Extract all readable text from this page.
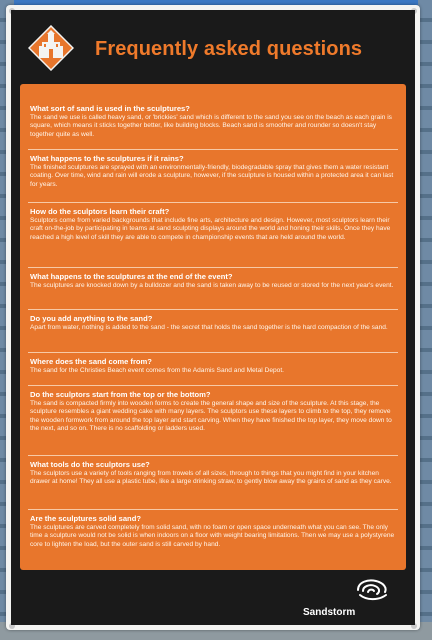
Frequently asked questions
What sort of sand is used in the sculptures?
The sand we use is called heavy sand, or 'brickies' sand which is different to the sand you see on the beach as each grain is square, which means it sticks together better, like building blocks. Beach sand is smoother and rounder so doesn't stay together quite as well.
What happens to the sculptures if it rains?
The finished sculptures are sprayed with an environmentally-friendly, biodegradable spray that gives them a water resistant coating. Over time, wind and rain will erode a sculpture, however, if the sculpture is housed within a protected area it can last for years.
How do the sculptors learn their craft?
Sculptors come from varied backgrounds that include fine arts, architecture and design. However, most sculptors learn their craft on-the-job by participating in teams at sand sculpting displays around the world and honing their skills. Once they have reached a high level of skill they are able to compete in championship events that are held around the world.
What happens to the sculptures at the end of the event?
The sculptures are knocked down by a bulldozer and the sand is taken away to be reused or stored for the next year's event.
Do you add anything to the sand?
Apart from water, nothing is added to the sand - the secret that holds the sand together is the hard compaction of the sand.
Where does the sand come from?
The sand for the Christies Beach event comes from the Adamis Sand and Metal Depot.
Do the sculptors start from the top or the bottom?
The sand is compacted firmly into wooden forms to create the general shape and size of the sculpture. At this stage, the sculpture resembles a giant wedding cake with many layers. The sculptors use these layers to climb to the top, they remove the wooden formwork from around the top layer and start carving. When they have finished the top layer, they move down to the next, and so on. There is no scaffolding or ladders used.
What tools do the sculptors use?
The sculptors use a variety of tools ranging from trowels of all sizes, through to things that you might find in your kitchen drawer at home! They all use a plastic tube, like a large drinking straw, to gently blow away the grains of sand as they carve.
Are the sculptures solid sand?
The sculptures are carved completely from solid sand, with no foam or open space underneath what you can see. The only time a sculpture would not be solid is when indoors on a floor with weight bearing limitations. Then we may use a polystyrene core to lighten the load, but the outer sand is still carved by hand.
Sandstorm
